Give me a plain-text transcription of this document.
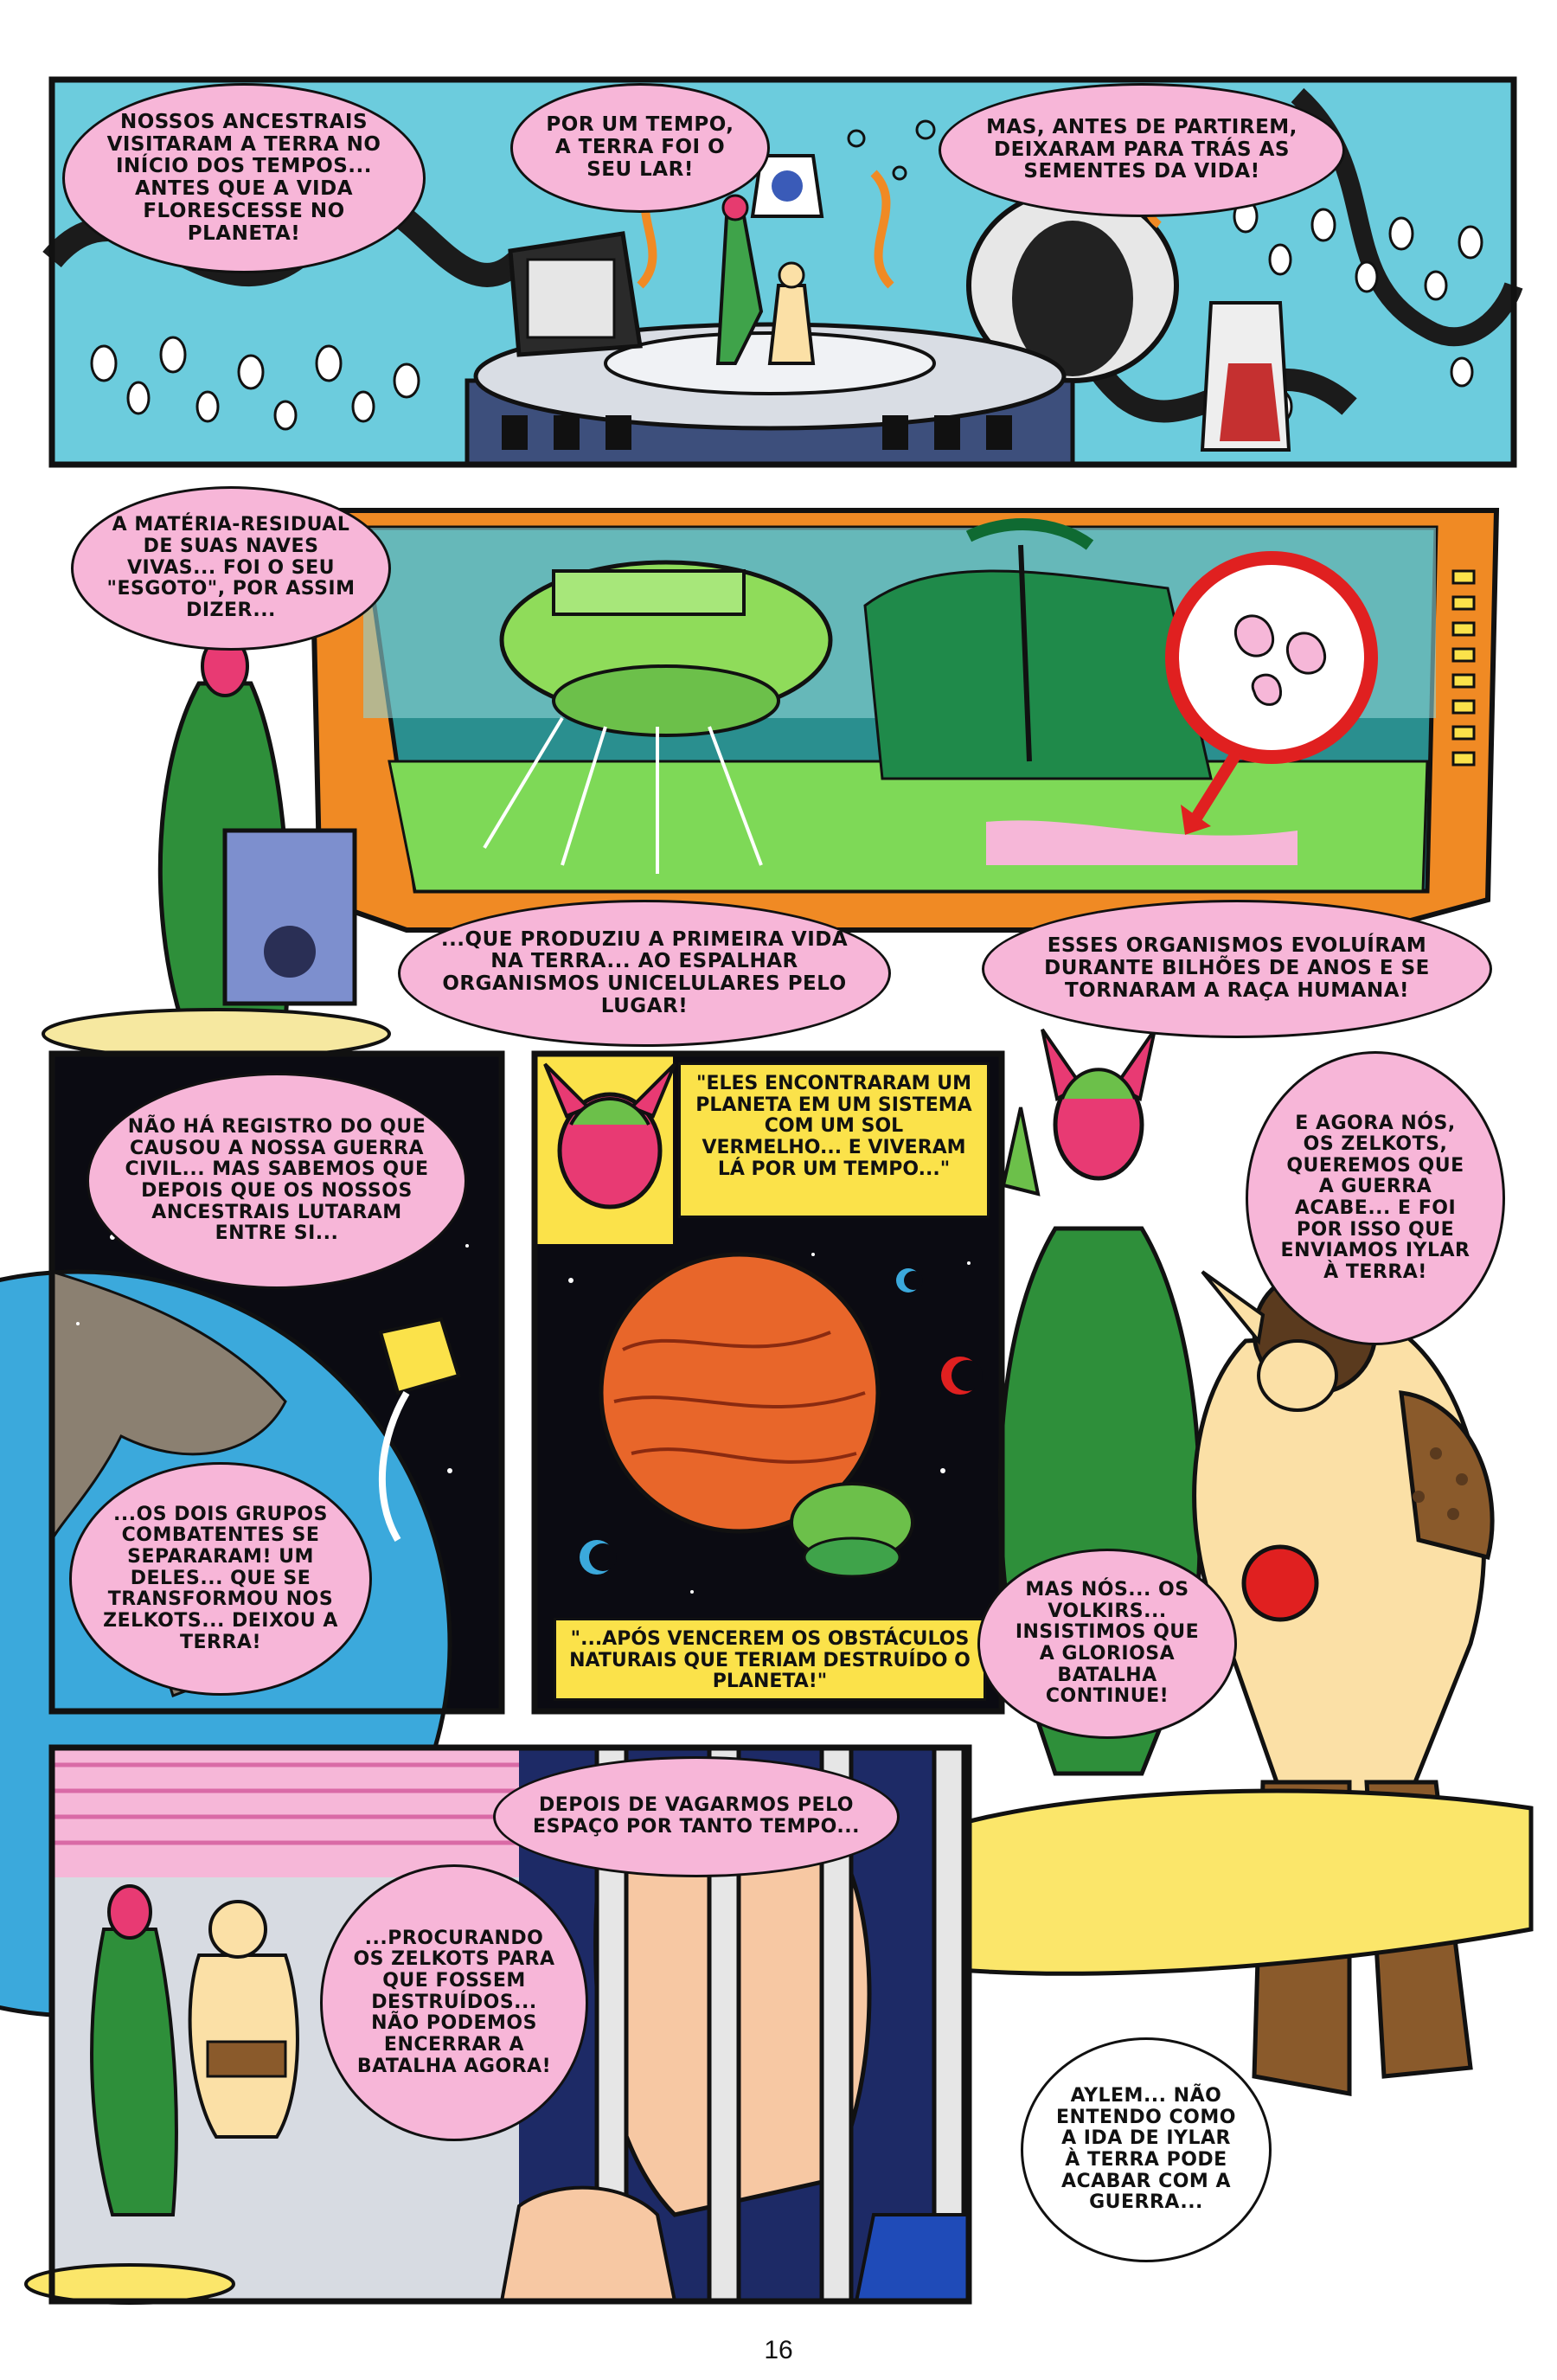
NOSSOS ANCESTRAIS VISITARAM A TERRA NO INÍCIO DOS TEMPOS... ANTES QUE A VIDA FLORESCESSE NO PLANETA!
POR UM TEMPO, A TERRA FOI O SEU LAR!
MAS, ANTES DE PARTIREM, DEIXARAM PARA TRÁS AS SEMENTES DA VIDA!
A MATÉRIA-RESIDUAL DE SUAS NAVES VIVAS... FOI O SEU "ESGOTO", POR ASSIM DIZER...
...QUE PRODUZIU A PRIMEIRA VIDA NA TERRA... AO ESPALHAR ORGANISMOS UNICELULARES PELO LUGAR!
ESSES ORGANISMOS EVOLUÍRAM DURANTE BILHÕES DE ANOS E SE TORNARAM A RAÇA HUMANA!
NÃO HÁ REGISTRO DO QUE CAUSOU A NOSSA GUERRA CIVIL... MAS SABEMOS QUE DEPOIS QUE OS NOSSOS ANCESTRAIS LUTARAM ENTRE SI...
...OS DOIS GRUPOS COMBATENTES SE SEPARARAM! UM DELES... QUE SE TRANSFORMOU NOS ZELKOTS... DEIXOU A TERRA!
"ELES ENCONTRARAM UM PLANETA EM UM SISTEMA COM UM SOL VERMELHO... E VIVERAM LÁ POR UM TEMPO..."
"...APÓS VENCEREM OS OBSTÁCULOS NATURAIS QUE TERIAM DESTRUÍDO O PLANETA!"
E AGORA NÓS, OS ZELKOTS, QUEREMOS QUE A GUERRA ACABE... E FOI POR ISSO QUE ENVIAMOS IYLAR À TERRA!
MAS NÓS... OS VOLKIRS... INSISTIMOS QUE A GLORIOSA BATALHA CONTINUE!
DEPOIS DE VAGARMOS PELO ESPAÇO POR TANTO TEMPO...
...PROCURANDO OS ZELKOTS PARA QUE FOSSEM DESTRUÍDOS... NÃO PODEMOS ENCERRAR A BATALHA AGORA!
AYLEM... NÃO ENTENDO COMO A IDA DE IYLAR À TERRA PODE ACABAR COM A GUERRA...
16
